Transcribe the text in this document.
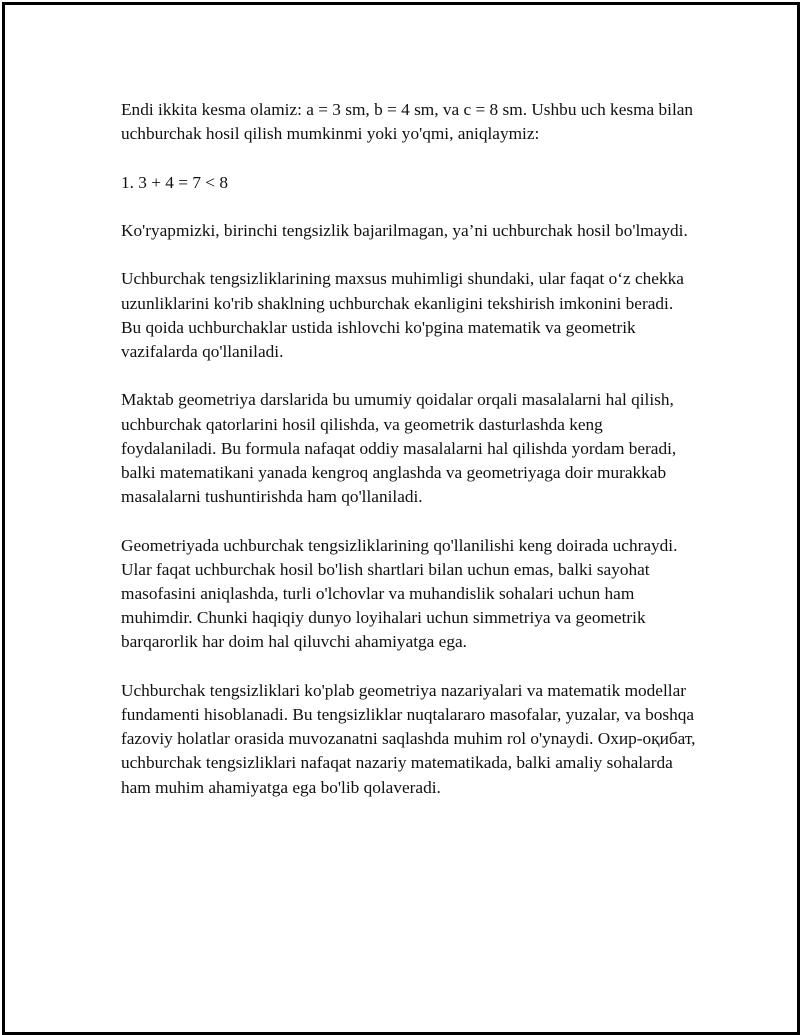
Endi ikkita kesma olamiz: a = 3 sm, b = 4 sm, va c = 8 sm. Ushbu uch kesma bilan uchburchak hosil qilish mumkinmi yoki yo'qmi, aniqlaymiz:

1. 3 + 4 = 7 < 8

Ko'ryapmizki, birinchi tengsizlik bajarilmagan, ya’ni uchburchak hosil bo'lmaydi.

Uchburchak tengsizliklarining maxsus muhimligi shundaki, ular faqat o‘z chekka uzunliklarini ko'rib shaklning uchburchak ekanligini tekshirish imkonini beradi. Bu qoida uchburchaklar ustida ishlovchi ko'pgina matematik va geometrik vazifalarda qo'llaniladi.

Maktab geometriya darslarida bu umumiy qoidalar orqali masalalarni hal qilish, uchburchak qatorlarini hosil qilishda, va geometrik dasturlashda keng foydalaniladi. Bu formula nafaqat oddiy masalalarni hal qilishda yordam beradi, balki matematikani yanada kengroq anglashda va geometriyaga doir murakkab masalalarni tushuntirishda ham qo'llaniladi.

Geometriyada uchburchak tengsizliklarining qo'llanilishi keng doirada uchraydi. Ular faqat uchburchak hosil bo'lish shartlari bilan uchun emas, balki sayohat masofasini aniqlashda, turli o'lchovlar va muhandislik sohalari uchun ham muhimdir. Chunki haqiqiy dunyo loyihalari uchun simmetriya va geometrik barqarorlik har doim hal qiluvchi ahamiyatga ega.

Uchburchak tengsizliklari ko'plab geometriya nazariyalari va matematik modellar fundamenti hisoblanadi. Bu tengsizliklar nuqtalararo masofalar, yuzalar, va boshqa fazoviy holatlar orasida muvozanatni saqlashda muhim rol o'ynaydi. Охир-оқибат, uchburchak tengsizliklari nafaqat nazariy matematikada, balki amaliy sohalarda ham muhim ahamiyatga ega bo'lib qolaveradi.
